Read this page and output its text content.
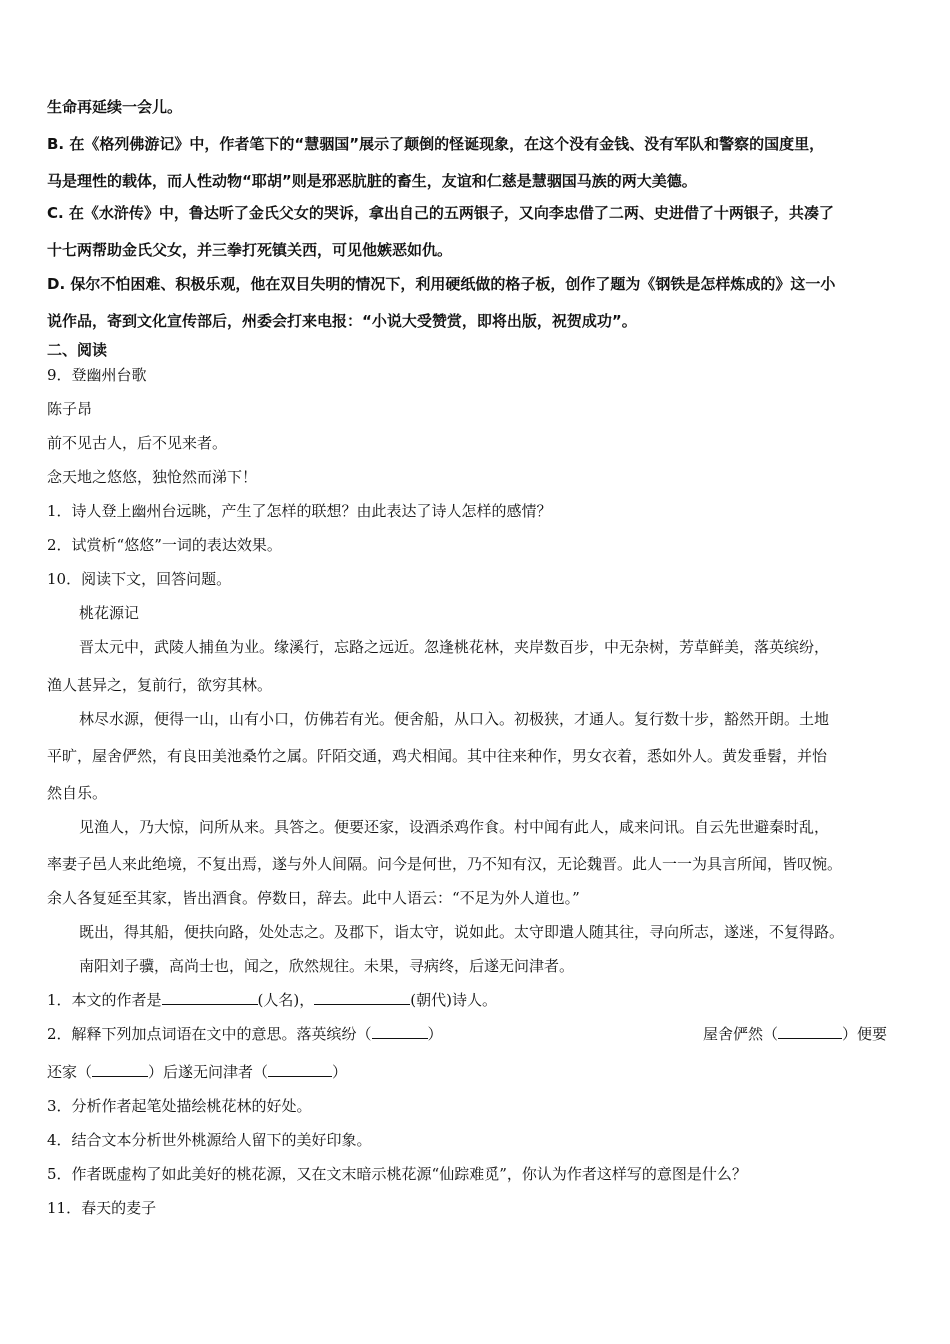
生命再延续一会儿。
B. 在《格列佛游记》中，作者笔下的“慧骃国”展示了颠倒的怪诞现象，在这个没有金钱、没有军队和警察的国度里，
马是理性的载体，而人性动物“耶胡”则是邪恶肮脏的畜生，友谊和仁慈是慧骃国马族的两大美德。
C. 在《水浒传》中，鲁达听了金氏父女的哭诉，拿出自己的五两银子，又向李忠借了二两、史进借了十两银子，共凑了
十七两帮助金氏父女，并三拳打死镇关西，可见他嫉恶如仇。
D. 保尔不怕困难、积极乐观，他在双目失明的情况下，利用硬纸做的格子板，创作了题为《钢铁是怎样炼成的》这一小
说作品，寄到文化宣传部后，州委会打来电报：“小说大受赞赏，即将出版，祝贺成功”。
二、阅读
9．登幽州台歌
陈子昂
前不见古人，后不见来者。
念天地之悠悠，独怆然而涕下！
1．诗人登上幽州台远眺，产生了怎样的联想？由此表达了诗人怎样的感情？
2．试赏析“悠悠”一词的表达效果。
10．阅读下文，回答问题。
桃花源记
晋太元中，武陵人捕鱼为业。缘溪行，忘路之远近。忽逢桃花林，夹岸数百步，中无杂树，芳草鲜美，落英缤纷，
渔人甚异之，复前行，欲穷其林。
林尽水源，便得一山，山有小口，仿佛若有光。便舍船，从口入。初极狭，才通人。复行数十步，豁然开朗。土地
平旷，屋舍俨然，有良田美池桑竹之属。阡陌交通，鸡犬相闻。其中往来种作，男女衣着，悉如外人。黄发垂髫，并怡
然自乐。
见渔人，乃大惊，问所从来。具答之。便要还家，设酒杀鸡作食。村中闻有此人，咸来问讯。自云先世避秦时乱，
率妻子邑人来此绝境，不复出焉，遂与外人间隔。问今是何世，乃不知有汉，无论魏晋。此人一一为具言所闻，皆叹惋。
余人各复延至其家，皆出酒食。停数日，辞去。此中人语云：“不足为外人道也。”
既出，得其船，便扶向路，处处志之。及郡下，诣太守，说如此。太守即遣人随其往，寻向所志，遂迷，不复得路。
南阳刘子骥，高尚士也，闻之，欣然规往。未果，寻病终，后遂无问津者。
1．本文的作者是	(人名)，	(朝代)诗人。
2．解释下列加点词语在文中的意思。落英缤纷（	）	屋舍俨然（	）便要
还家（	）后遂无问津者（	）
3．分析作者起笔处描绘桃花林的好处。
4．结合文本分析世外桃源给人留下的美好印象。
5．作者既虚构了如此美好的桃花源，又在文末暗示桃花源“仙踪难觅”，你认为作者这样写的意图是什么？
11．春天的麦子
